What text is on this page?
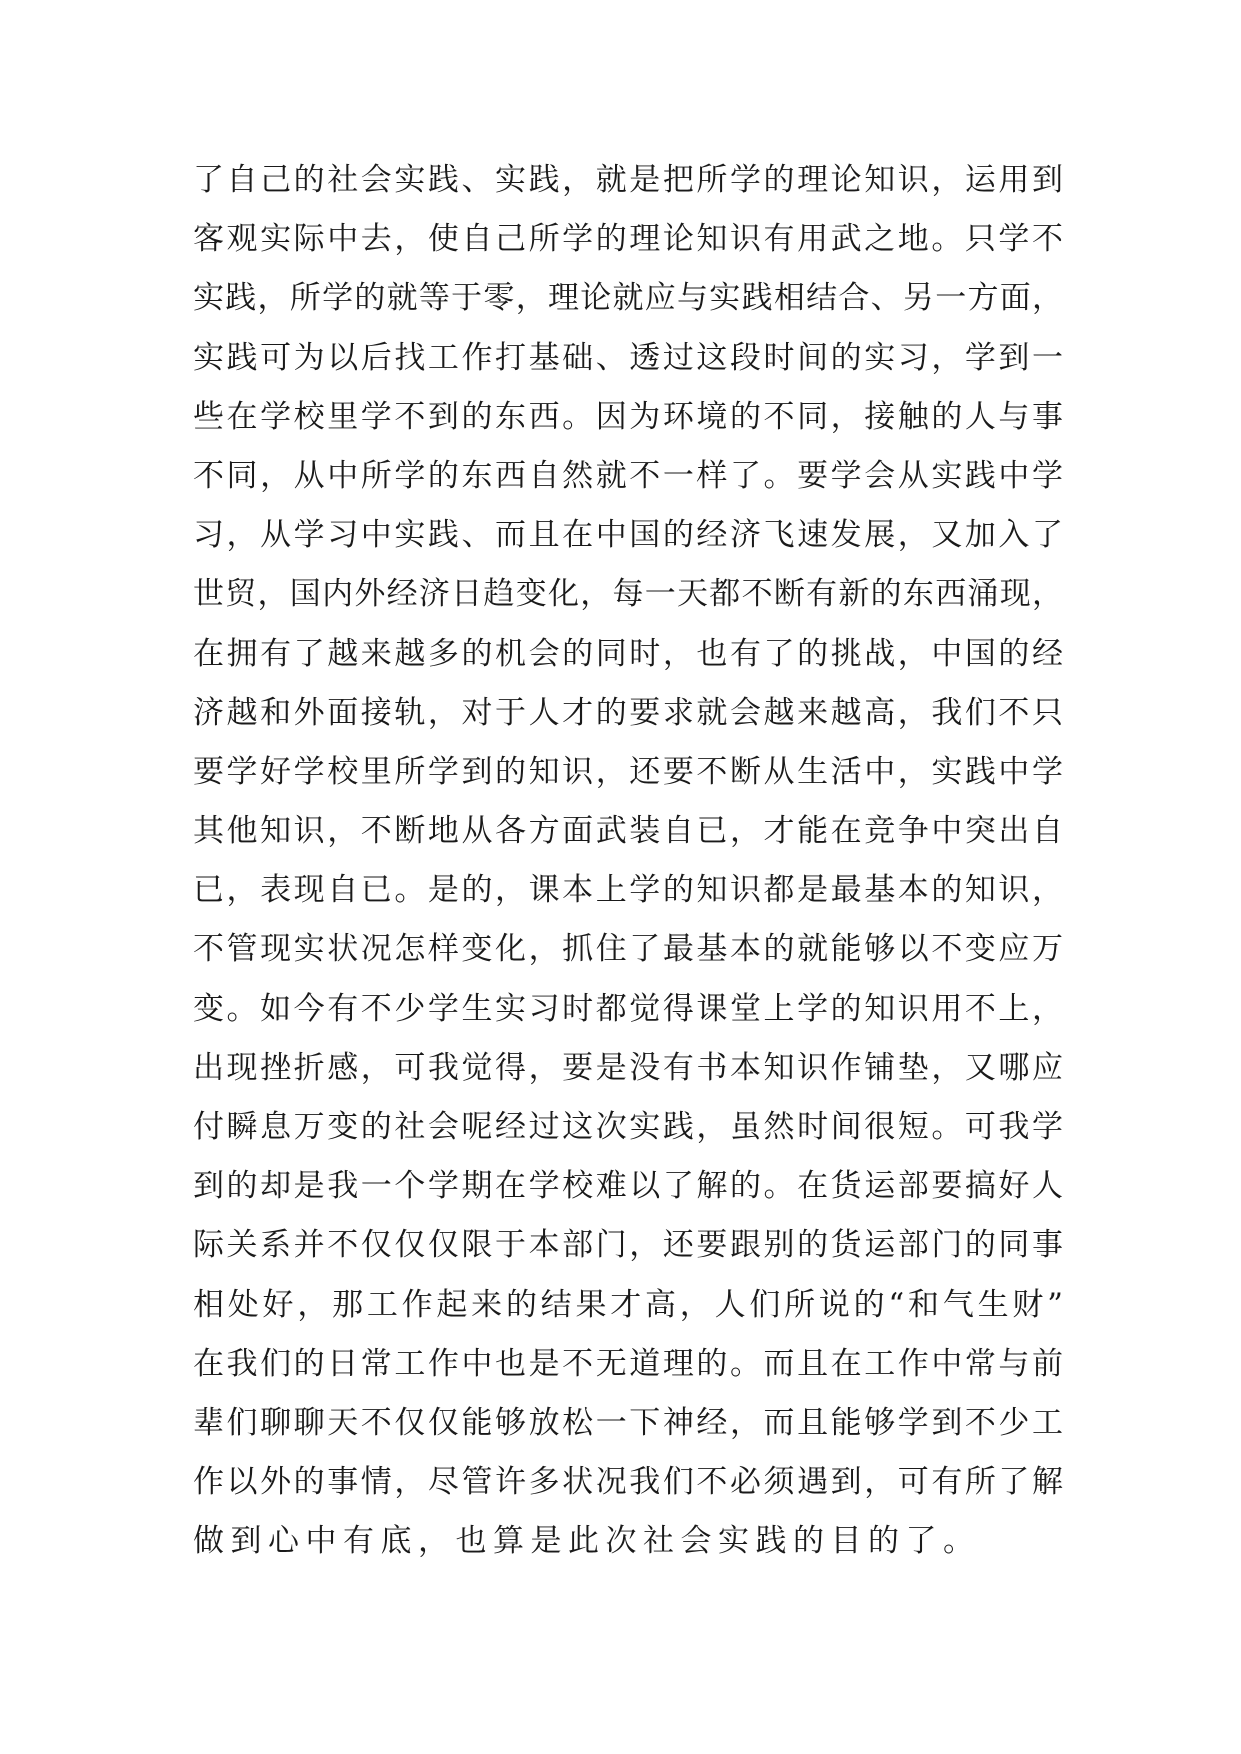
了自己的社会实践、实践，就是把所学的理论知识，运用到
客观实际中去，使自己所学的理论知识有用武之地。只学不
实践，所学的就等于零，理论就应与实践相结合、另一方面，
实践可为以后找工作打基础、透过这段时间的实习，学到一
些在学校里学不到的东西。因为环境的不同，接触的人与事
不同，从中所学的东西自然就不一样了。要学会从实践中学
习，从学习中实践、而且在中国的经济飞速发展，又加入了
世贸，国内外经济日趋变化，每一天都不断有新的东西涌现，
在拥有了越来越多的机会的同时，也有了的挑战，中国的经
济越和外面接轨，对于人才的要求就会越来越高，我们不只
要学好学校里所学到的知识，还要不断从生活中，实践中学
其他知识，不断地从各方面武装自已，才能在竞争中突出自
已，表现自已。是的，课本上学的知识都是最基本的知识，
不管现实状况怎样变化，抓住了最基本的就能够以不变应万
变。如今有不少学生实习时都觉得课堂上学的知识用不上，
出现挫折感，可我觉得，要是没有书本知识作铺垫，又哪应
付瞬息万变的社会呢经过这次实践，虽然时间很短。可我学
到的却是我一个学期在学校难以了解的。在货运部要搞好人
际关系并不仅仅仅限于本部门，还要跟别的货运部门的同事
相处好，那工作起来的结果才高，人们所说的“和气生财”
在我们的日常工作中也是不无道理的。而且在工作中常与前
辈们聊聊天不仅仅能够放松一下神经，而且能够学到不少工
作以外的事情，尽管许多状况我们不必须遇到，可有所了解
做到心中有底，也算是此次社会实践的目的了。
